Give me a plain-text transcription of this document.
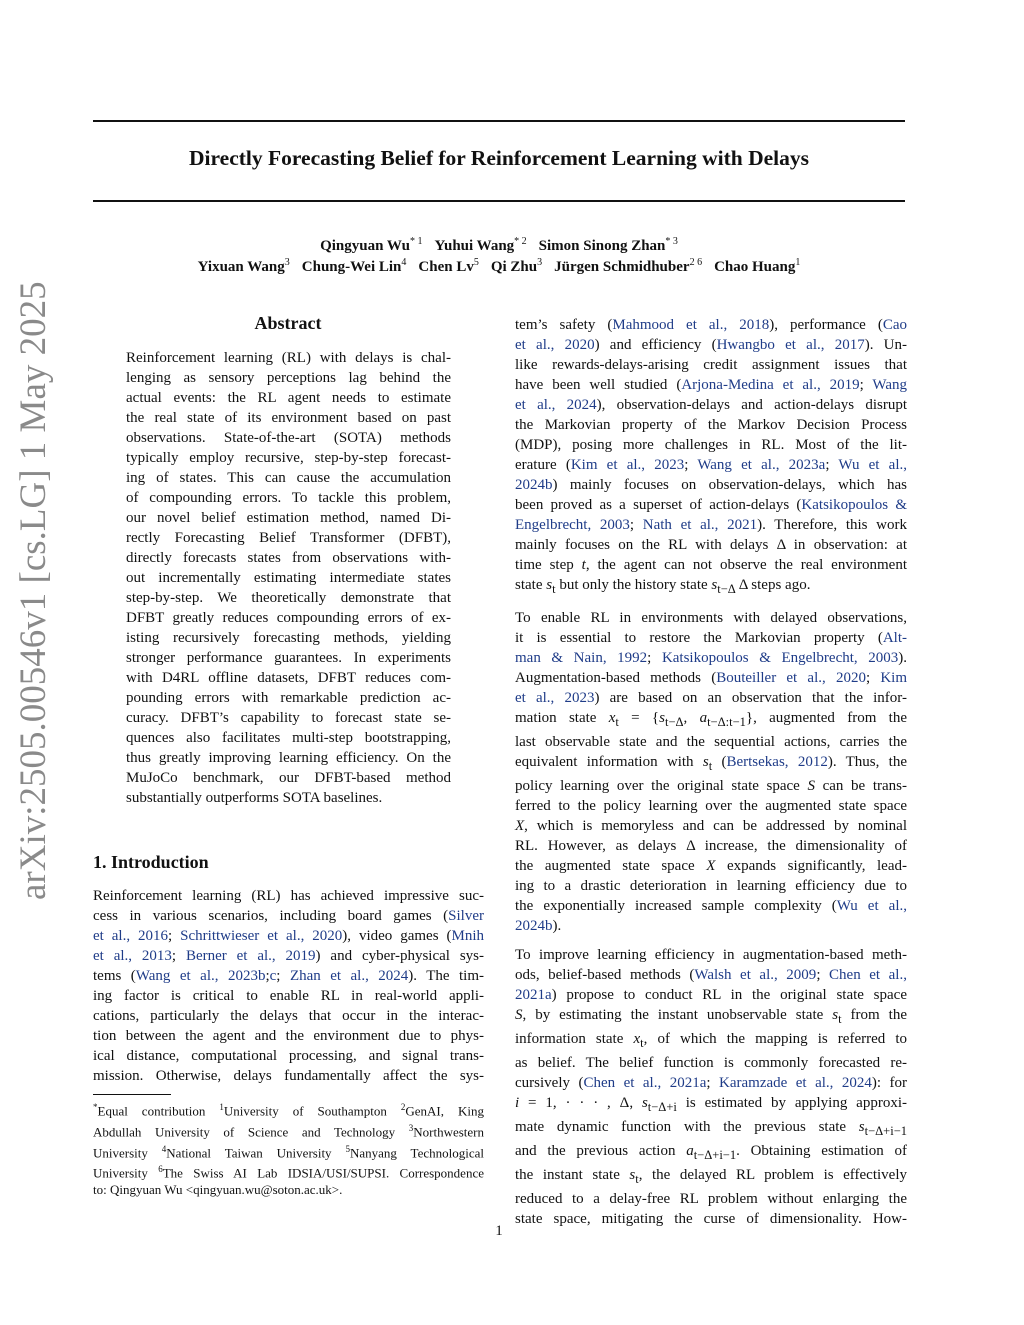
Directly Forecasting Belief for Reinforcement Learning with Delays
Qingyuan Wu$^{* 1}$ Yuhui Wang$^{* 2}$ Simon Sinong Zhan$^{* 3}$
Yixuan Wang$^3$ Chung-Wei Lin$^4$ Chen Lv$^5$ Qi Zhu$^3$ Jürgen Schmidhuber$^{2 6}$ Chao Huang$^1$
arXiv:2505.00546v1 [cs.LG] 1 May 2025	Abstract
Reinforcement learning (RL) with delays is chal-
lenging as sensory perceptions lag behind the
actual events: the RL agent needs to estimate
the real state of its environment based on past
observations. State-of-the-art (SOTA) methods
typically employ recursive, step-by-step forecast-
ing of states. This can cause the accumulation
of compounding errors. To tackle this problem,
our novel belief estimation method, named Di-
rectly Forecasting Belief Transformer (DFBT),
directly forecasts states from observations with-
out incrementally estimating intermediate states
step-by-step. We theoretically demonstrate that
DFBT greatly reduces compounding errors of ex-
isting recursively forecasting methods, yielding
stronger performance guarantees. In experiments
with D4RL offline datasets, DFBT reduces com-
pounding errors with remarkable prediction ac-
curacy. DFBT’s capability to forecast state se-
quences also facilitates multi-step bootstrapping,
thus greatly improving learning efficiency. On the
MuJoCo benchmark, our DFBT-based method
substantially outperforms SOTA baselines.
1. Introduction
Reinforcement learning (RL) has achieved impressive suc-
cess in various scenarios, including board games (Silver
et al., 2016; Schrittwieser et al., 2020), video games (Mnih
et al., 2013; Berner et al., 2019) and cyber-physical sys-
tems (Wang et al., 2023b;c; Zhan et al., 2024). The tim-
ing factor is critical to enable RL in real-world appli-
cations, particularly the delays that occur in the interac-
tion between the agent and the environment due to phys-
ical distance, computational processing, and signal trans-
mission. Otherwise, delays fundamentally affect the sys-
*Equal contribution $^1$University of Southampton $^2$GenAI, King
Abdullah University of Science and Technology $^3$Northwestern
University $^4$National Taiwan University $^5$Nanyang Technological
University $^6$The Swiss AI Lab IDSIA/USI/SUPSI. Correspondence
to: Qingyuan Wu <qingyuan.wu@soton.ac.uk>.
tem’s safety (Mahmood et al., 2018), performance (Cao
et al., 2020) and efficiency (Hwangbo et al., 2017). Un-
like rewards-delays-arising credit assignment issues that
have been well studied (Arjona-Medina et al., 2019; Wang
et al., 2024), observation-delays and action-delays disrupt
the Markovian property of the Markov Decision Process
(MDP), posing more challenges in RL. Most of the lit-
erature (Kim et al., 2023; Wang et al., 2023a; Wu et al.,
2024b) mainly focuses on observation-delays, which has
been proved as a superset of action-delays (Katsikopoulos &
Engelbrecht, 2003; Nath et al., 2021). Therefore, this work
mainly focuses on the RL with delays Δ in observation: at
time step t, the agent can not observe the real environment
state $s_t$ but only the history state $s_{t-\Delta}$ Δ steps ago.
To enable RL in environments with delayed observations,
it is essential to restore the Markovian property (Alt-
man & Nain, 1992; Katsikopoulos & Engelbrecht, 2003).
Augmentation-based methods (Bouteiller et al., 2020; Kim
et al., 2023) are based on an observation that the infor-
mation state $x_t = \{s_{t-\Delta}$, $a_{t-\Delta:t-1}$}, augmented from the
last observable state and the sequential actions, carries the
equivalent information with $s_t$ (Bertsekas, 2012). Thus, the
policy learning over the original state space S can be trans-
ferred to the policy learning over the augmented state space
X, which is memoryless and can be addressed by nominal
RL. However, as delays Δ increase, the dimensionality of
the augmented state space X expands significantly, lead-
ing to a drastic deterioration in learning efficiency due to
the exponentially increased sample complexity (Wu et al.,
2024b).
To improve learning efficiency in augmentation-based meth-
ods, belief-based methods (Walsh et al., 2009; Chen et al.,
2021a) propose to conduct RL in the original state space
S, by estimating the instant unobservable state $s_t$ from the
information state $x_t$, of which the mapping is referred to
as belief. The belief function is commonly forecasted re-
cursively (Chen et al., 2021a; Karamzade et al., 2024): for
i = 1, · · · , Δ, $s_{t-\Delta+i}$ is estimated by applying approxi-
mate dynamic function with the previous state $s_{t-\Delta+i-1}$
and the previous action $a_{t-\Delta+i-1}$. Obtaining estimation of
the instant state $s_t$, the delayed RL problem is effectively
reduced to a delay-free RL problem without enlarging the
state space, mitigating the curse of dimensionality. How-
1
